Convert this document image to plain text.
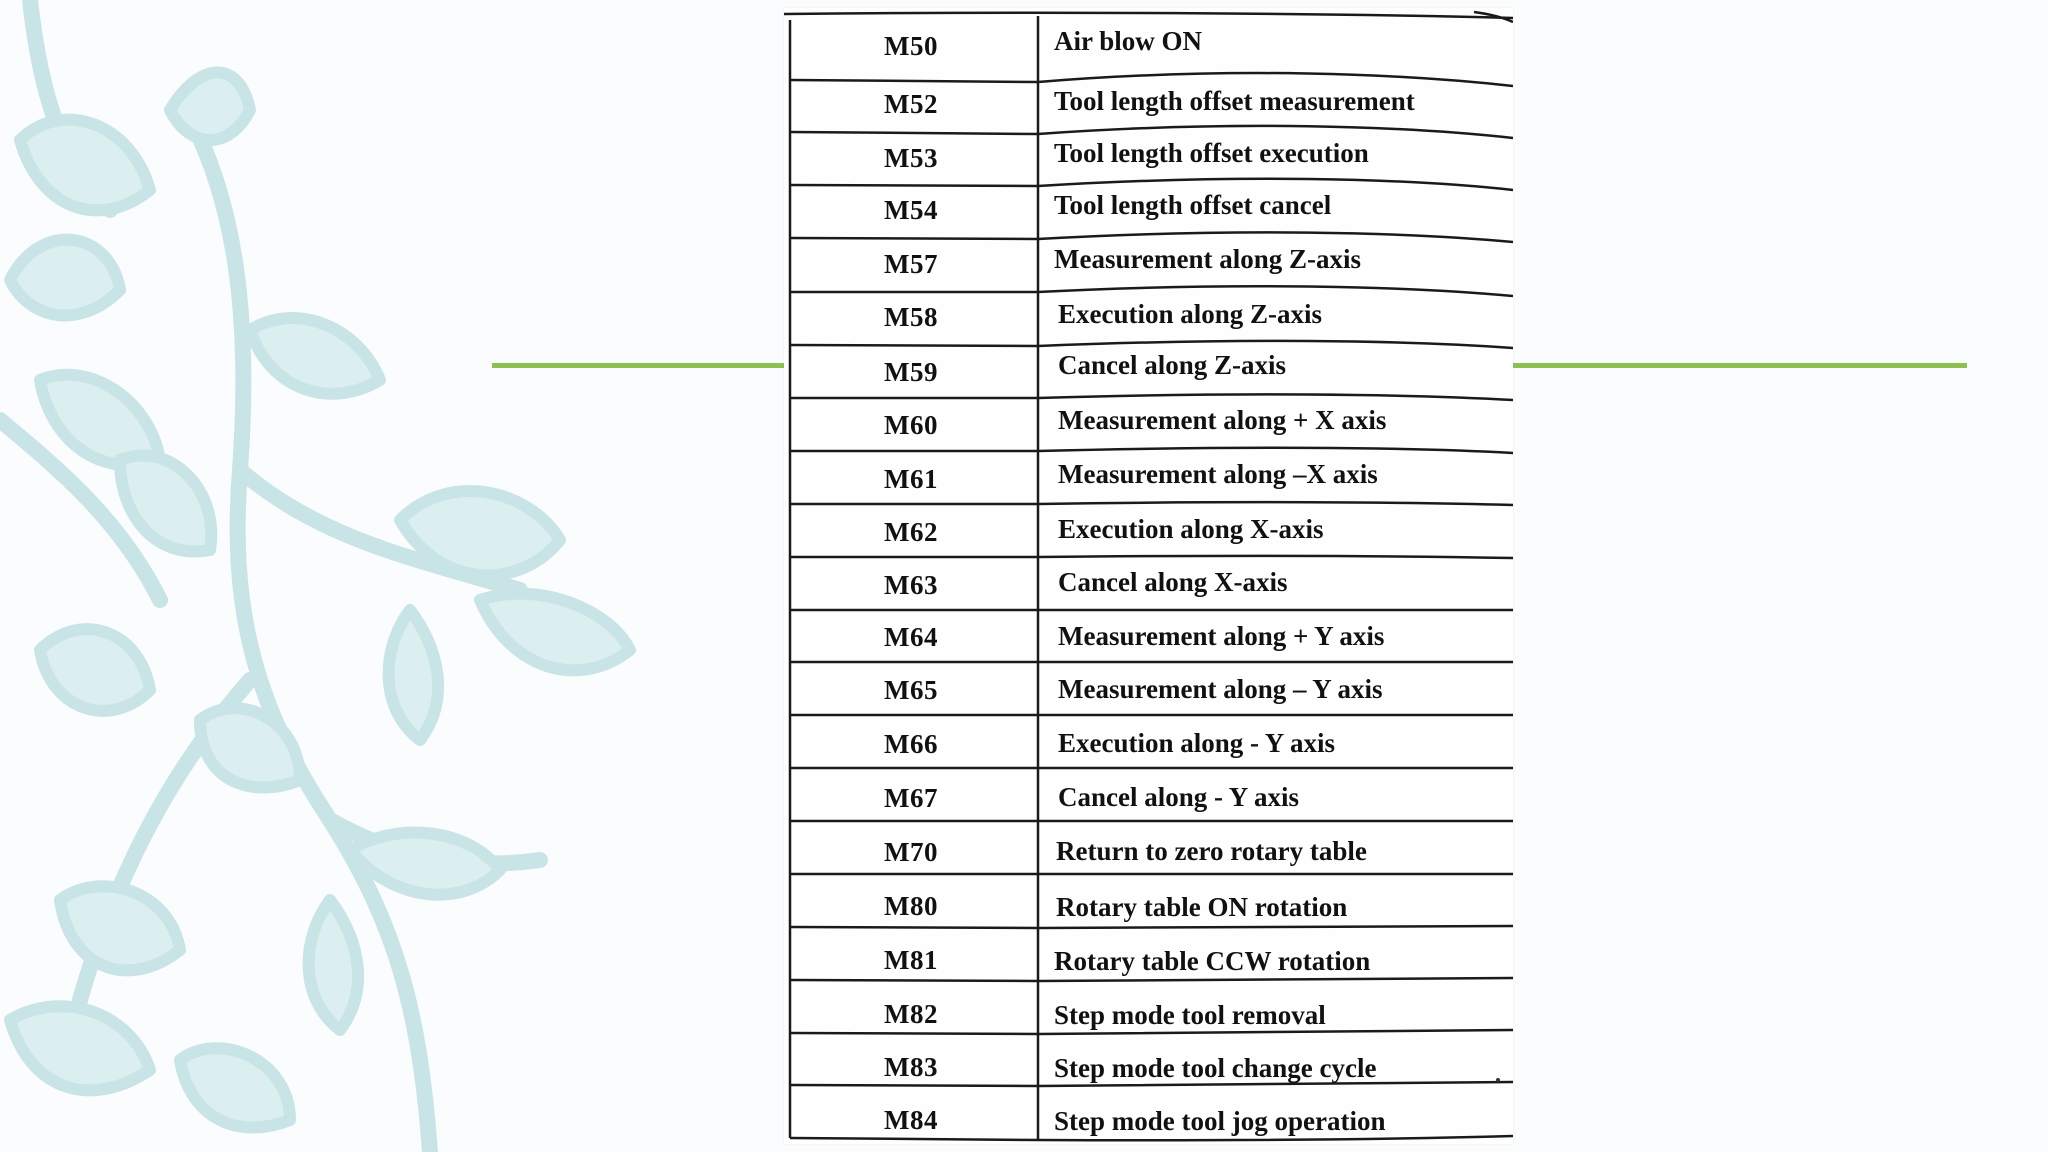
M50	Air blow ON
M52	Tool length offset measurement
M53	Tool length offset execution
M54	Tool length offset cancel
M57	Measurement along Z-axis
M58	Execution along Z-axis
M59	Cancel along Z-axis
M60	Measurement along + X axis
M61	Measurement along –X axis
M62	Execution along X-axis
M63	Cancel along X-axis
M64	Measurement along + Y axis
M65	Measurement along – Y axis
M66	Execution along - Y axis
M67	Cancel along - Y axis
M70	Return to zero rotary table
M80	Rotary table ON rotation
M81	Rotary table CCW rotation
M82	Step mode tool removal
M83	Step mode tool change cycle
M84	Step mode tool jog operation
